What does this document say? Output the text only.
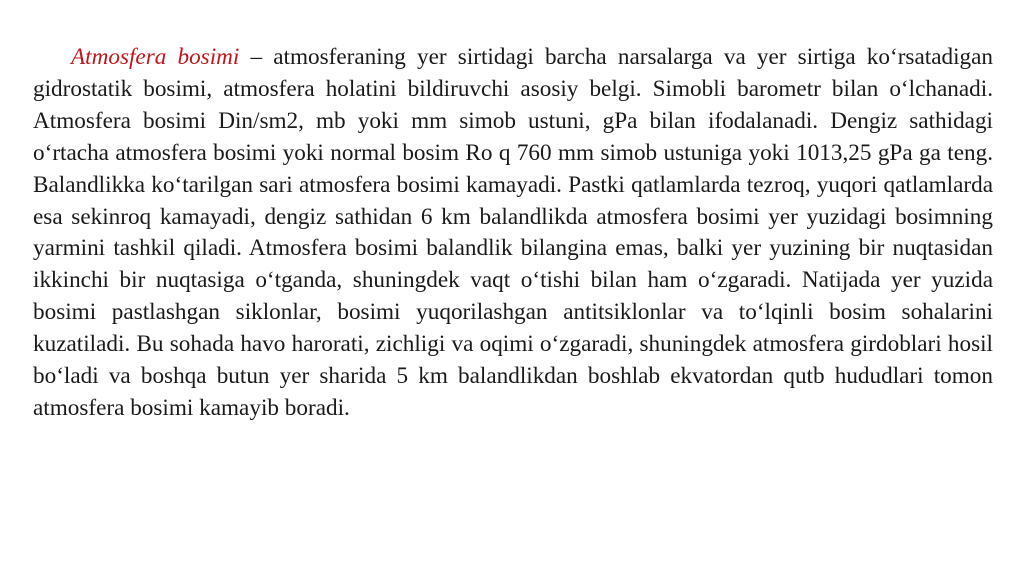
Atmosfera bosimi – atmosferaning yer sirtidagi barcha narsalarga va yer sirtiga koʻrsatadigan gidrostatik bosimi, atmosfera holatini bildiruvchi asosiy belgi. Simobli barometr bilan oʻlchanadi. Atmosfera bosimi Din/sm2, mb yoki mm simob ustuni, gPa bilan ifodalanadi. Dengiz sathidagi oʻrtacha atmosfera bosimi yoki normal bosim Ro q 760 mm simob ustuniga yoki 1013,25 gPa ga teng. Balandlikka koʻtarilgan sari atmosfera bosimi kamayadi. Pastki qatlamlarda tezroq, yuqori qatlamlarda esa sekinroq kamayadi, dengiz sathidan 6 km balandlikda atmosfera bosimi yer yuzidagi bosimning yarmini tashkil qiladi. Atmosfera bosimi balandlik bilangina emas, balki yer yuzining bir nuqtasidan ikkinchi bir nuqtasiga oʻtganda, shuningdek vaqt oʻtishi bilan ham oʻzgaradi. Natijada yer yuzida bosimi pastlashgan siklonlar, bosimi yuqorilashgan antitsiklonlar va toʻlqinli bosim sohalarini kuzatiladi. Bu sohada havo harorati, zichligi va oqimi oʻzgaradi, shuningdek atmosfera girdoblari hosil boʻladi va boshqa butun yer sharida 5 km balandlikdan boshlab ekvatordan qutb hududlari tomon atmosfera bosimi kamayib boradi.
